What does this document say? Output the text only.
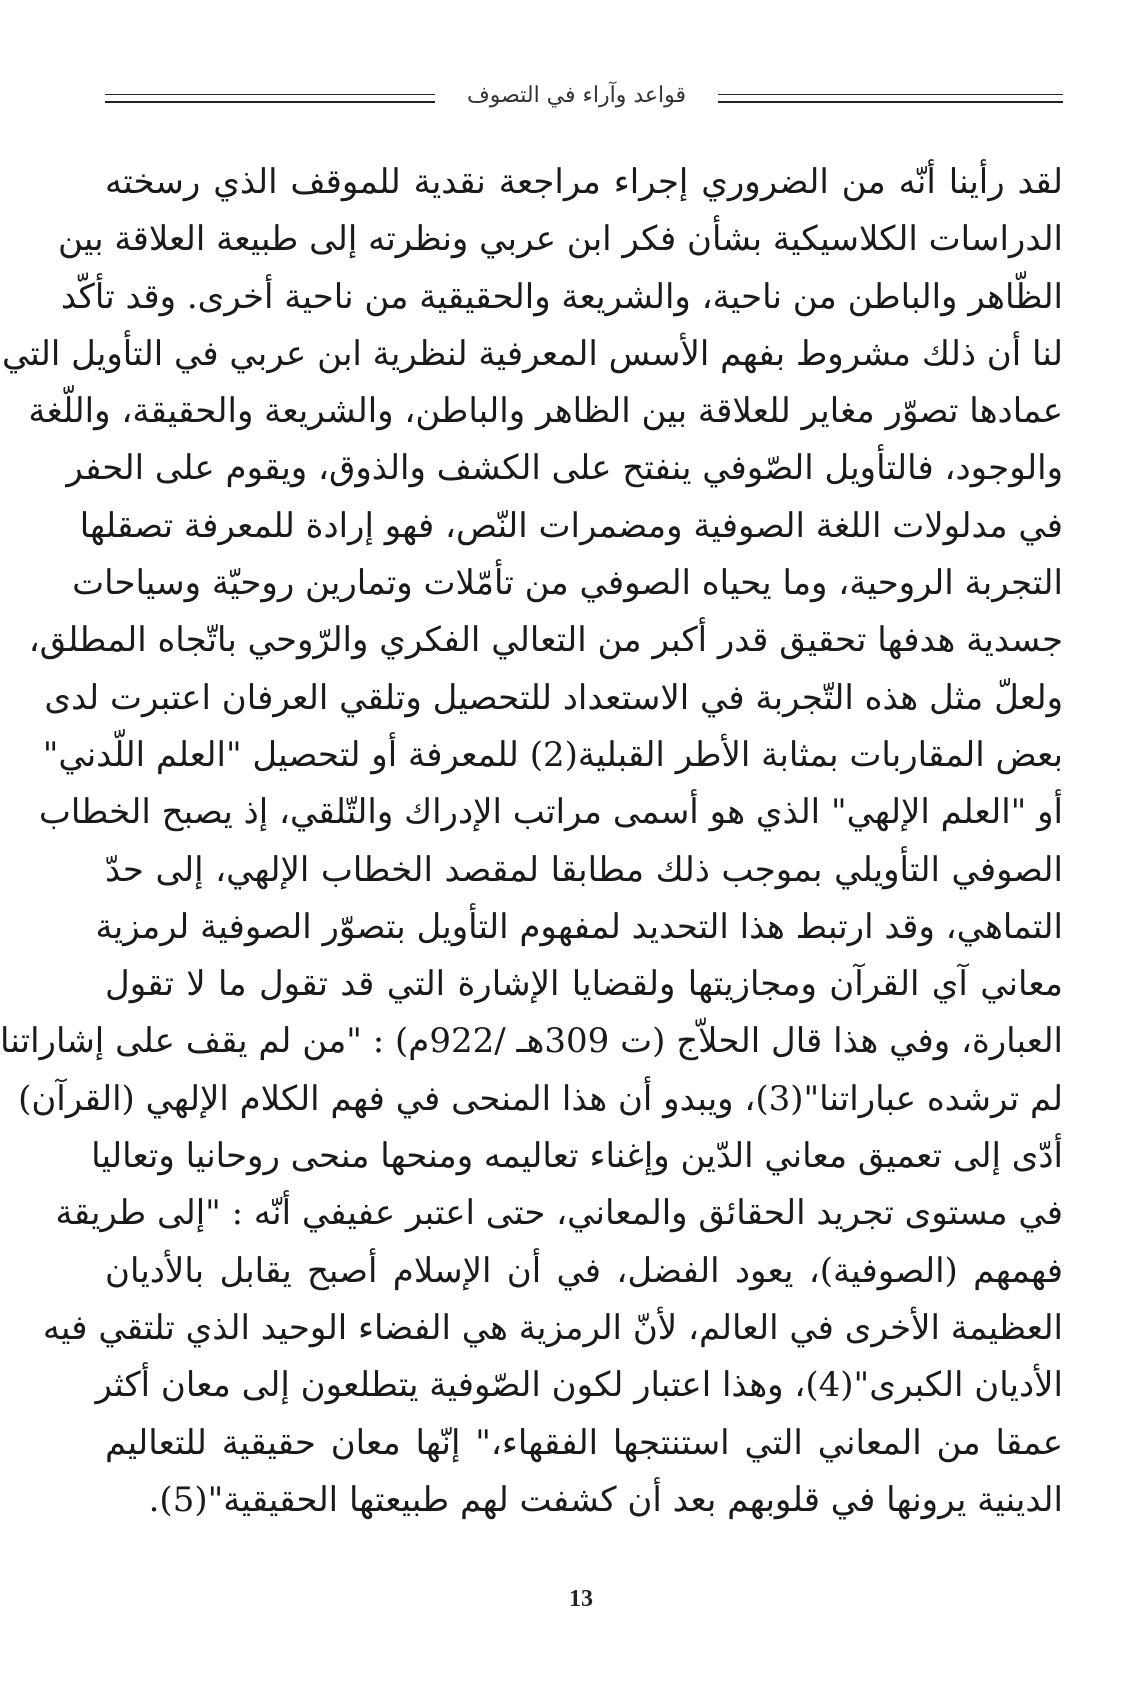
قواعد وآراء في التصوف
لقد رأينا أنّه من الضروري إجراء مراجعة نقدية للموقف الذي رسخته
الدراسات الكلاسيكية بشأن فكر ابن عربي ونظرته إلى طبيعة العلاقة بين
الظّاهر والباطن من ناحية، والشريعة والحقيقية من ناحية أخرى. وقد تأكّد
لنا أن ذلك مشروط بفهم الأسس المعرفية لنظرية ابن عربي في التأويل التي
عمادها تصوّر مغاير للعلاقة بين الظاهر والباطن، والشريعة والحقيقة، واللّغة
والوجود، فالتأويل الصّوفي ينفتح على الكشف والذوق، ويقوم على الحفر
في مدلولات اللغة الصوفية ومضمرات النّص، فهو إرادة للمعرفة تصقلها
التجربة الروحية، وما يحياه الصوفي من تأمّلات وتمارين روحيّة وسياحات
جسدية هدفها تحقيق قدر أكبر من التعالي الفكري والرّوحي باتّجاه المطلق،
ولعلّ مثل هذه التّجربة في الاستعداد للتحصيل وتلقي العرفان اعتبرت لدى
بعض المقاربات بمثابة الأطر القبلية(2) للمعرفة أو لتحصيل "العلم اللّدني"
أو "العلم الإلهي" الذي هو أسمى مراتب الإدراك والتّلقي، إذ يصبح الخطاب
الصوفي التأويلي بموجب ذلك مطابقا لمقصد الخطاب الإلهي، إلى حدّ
التماهي، وقد ارتبط هذا التحديد لمفهوم التأويل بتصوّر الصوفية لرمزية
معاني آي القرآن ومجازيتها ولقضايا الإشارة التي قد تقول ما لا تقول
العبارة، وفي هذا قال الحلاّج (ت 309هـ /922م) : "من لم يقف على إشاراتنا
لم ترشده عباراتنا"(3)، ويبدو أن هذا المنحى في فهم الكلام الإلهي (القرآن)
أدّى إلى تعميق معاني الدّين وإغناء تعاليمه ومنحها منحى روحانيا وتعاليا
في مستوى تجريد الحقائق والمعاني، حتى اعتبر عفيفي أنّه : "إلى طريقة
فهمهم (الصوفية)، يعود الفضل، في أن الإسلام أصبح يقابل بالأديان
العظيمة الأخرى في العالم، لأنّ الرمزية هي الفضاء الوحيد الذي تلتقي فيه
الأديان الكبرى"(4)، وهذا اعتبار لكون الصّوفية يتطلعون إلى معان أكثر
عمقا من المعاني التي استنتجها الفقهاء،" إنّها معان حقيقية للتعاليم
الدينية يرونها في قلوبهم بعد أن كشفت لهم طبيعتها الحقيقية"(5).
13
